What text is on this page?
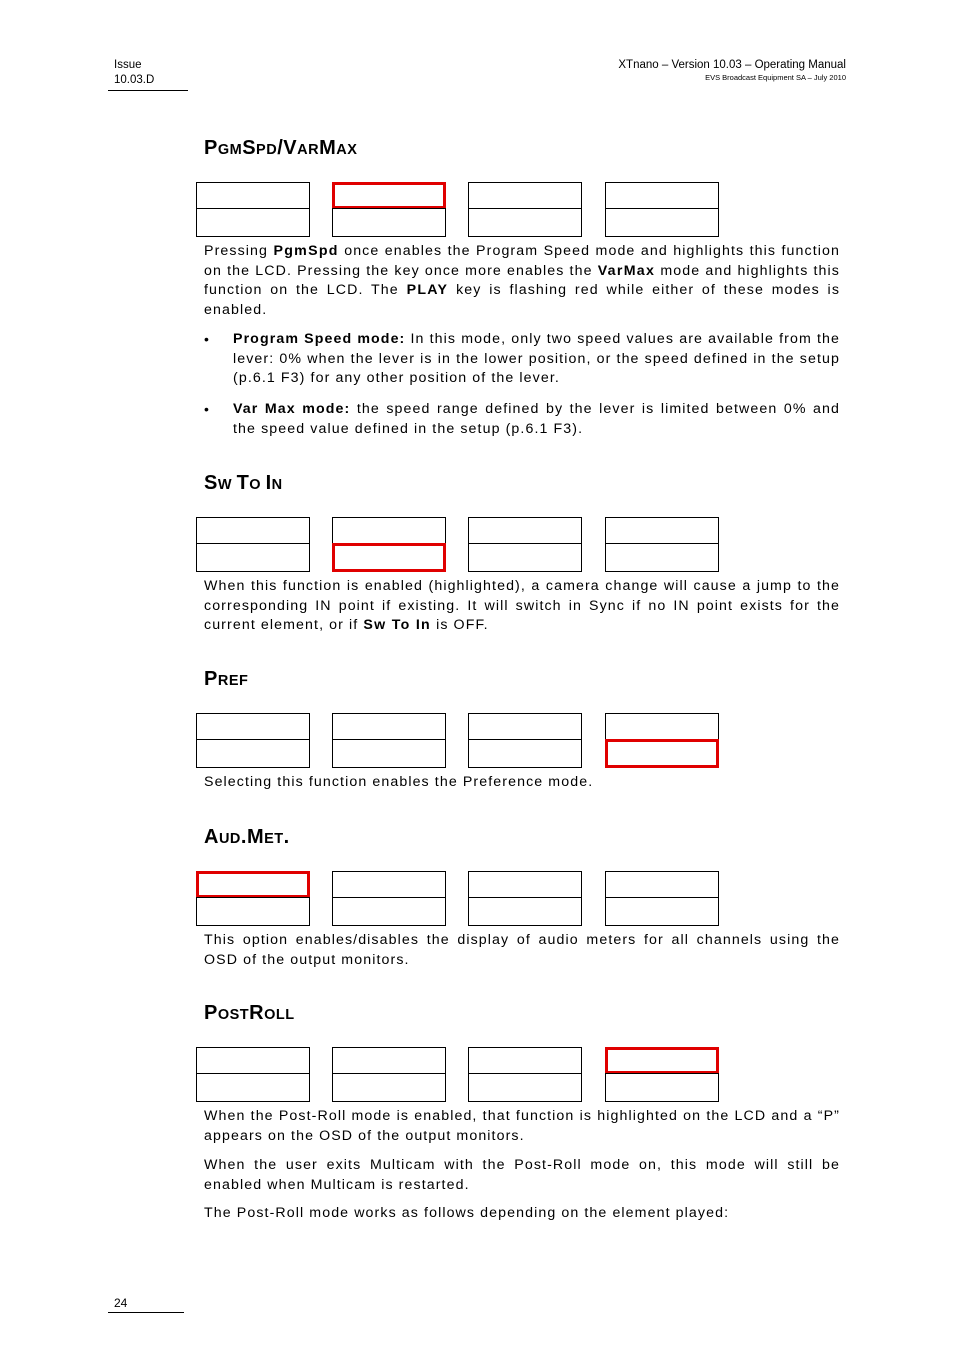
Issue
10.03.D
XTnano – Version 10.03 – Operating Manual
EVS Broadcast Equipment SA – July 2010
PGMSPD/VARMAX

Pressing PgmSpd once enables the Program Speed mode and highlights this function on the LCD. Pressing the key once more enables the VarMax mode and highlights this function on the LCD. The PLAY key is flashing red while either of these modes is enabled.

• Program Speed mode: In this mode, only two speed values are available from the lever: 0% when the lever is in the lower position, or the speed defined in the setup (p.6.1 F3) for any other position of the lever.
• Var Max mode: the speed range defined by the lever is limited between 0% and the speed value defined in the setup (p.6.1 F3).
SW TO IN

When this function is enabled (highlighted), a camera change will cause a jump to the corresponding IN point if existing. It will switch in Sync if no IN point exists for the current element, or if Sw To In is OFF.

PREF

Selecting this function enables the Preference mode.

AUD.MET.

This option enables/disables the display of audio meters for all channels using the OSD of the output monitors.

POSTROLL

When the Post-Roll mode is enabled, that function is highlighted on the LCD and a “P” appears on the OSD of the output monitors.

When the user exits Multicam with the Post-Roll mode on, this mode will still be enabled when Multicam is restarted.

The Post-Roll mode works as follows depending on the element played:

24
